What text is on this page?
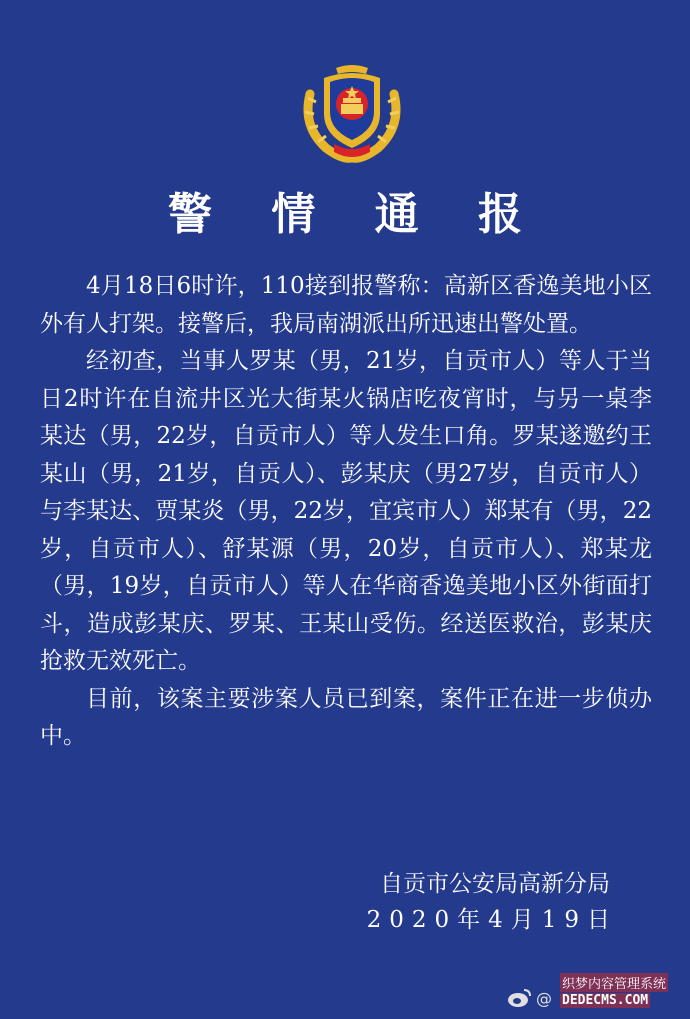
警 情 通 报

4月18日6时许，110接到报警称：高新区香逸美地小区外有人打架。接警后，我局南湖派出所迅速出警处置。

经初查，当事人罗某（男，21岁，自贡市人）等人于当日2时许在自流井区光大街某火锅店吃夜宵时，与另一桌李某达（男，22岁，自贡市人）等人发生口角。罗某遂邀约王某山（男，21岁，自贡人）、彭某庆（男27岁，自贡市人）与李某达、贾某炎（男，22岁，宜宾市人）郑某有（男，22岁，自贡市人）、舒某源（男，20岁，自贡市人）、郑某龙（男，19岁，自贡市人）等人在华商香逸美地小区外街面打斗，造成彭某庆、罗某、王某山受伤。经送医救治，彭某庆抢救无效死亡。

目前，该案主要涉案人员已到案，案件正在进一步侦办中。

自贡市公安局高新分局
2020年4月19日
@
织梦内容管理系统
DEDECMS.COM
